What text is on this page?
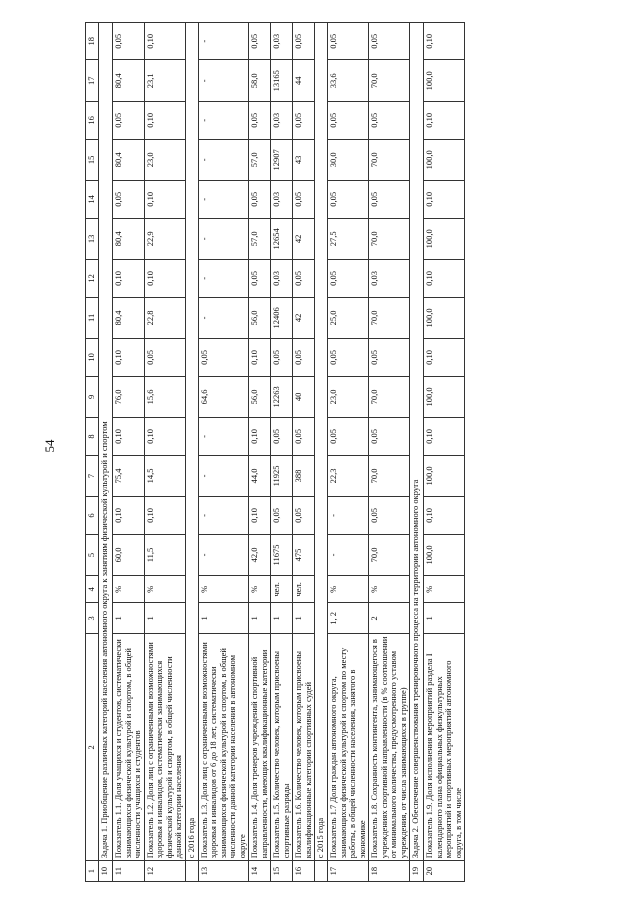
54
1	2	3	4	5	6	7	8	9	10	11	12	13	14	15	16	17	18
10	Задача 1. Приобщение различных категорий населения автономного округа к занятиям физической культурой и спортом																
11	Показатель 1.1. Доля учащихся и студентов, систематически занимающихся физической культурой и спортом, в общей численности учащихся и студентов	1	%	60,0	0,10	75,4	0,10	76,0	0,10	80,4	0,10	80,4	0,05	80,4	0,05	80,4	0,05
12	Показатель 1.2. Доля лиц с ограниченными возможностями здоровья и инвалидов, систематически занимающихся физической культурой и спортом, в общей численности данной категории населения	1	%	11,5	0,10	14,5	0,10	15,6	0,05	22,8	0,10	22,9	0,10	23,0	0,10	23,1	0,10
	с 2016 года																
13	Показатель 1.3. Доля лиц с ограниченными возможностями здоровья и инвалидов от 6 до 18 лет, систематически занимающихся физической культурой и спортом, в общей численности данной категории населения в автономном округе	1	%	-	-	-	-	64,6	0,05	-	-	-	-	-	-	-	-
14	Показатель 1.4. Доля тренеров учреждений спортивной направленности, имеющих квалификационные категории	1	%	42,0	0,10	44,0	0,10	56,0	0,10	56,0	0,05	57,0	0,05	57,0	0,05	58,0	0,05
15	Показатель 1.5. Количество человек, которым присвоены спортивные разряды	1	чел.	11675	0,05	11925	0,05	12263	0,05	12406	0,03	12654	0,03	12907	0,03	13165	0,03
16	Показатель 1.6. Количество человек, которым присвоены квалификационные категории спортивных судей	1	чел.	475	0,05	388	0,05	40	0,05	42	0,05	42	0,05	43	0,05	44	0,05
	с 2015 года																
17	Показатель 1.7 Доля граждан автономного округа, занимающихся физической культурой и спортом по месту работы, в общей численности населения, занятого в экономике	1, 2	%	-	-	22,3	0,05	23,0	0,05	25,0	0,05	27,5	0,05	30,0	0,05	33,6	0,05
18	Показатель 1.8. Сохранность контингента, занимающегося в учреждениях спортивной направленности (в % соотношении от минимального количества, предусмотренного уставом учреждения, от числа занимающихся в группе)	2	%	70,0	0,05	70,0	0,05	70,0	0,05	70,0	0,03	70,0	0,05	70,0	0,05	70,0	0,05
19	Задача 2. Обеспечение совершенствования тренировочного процесса на территории автономного округа																
20	Показатель 1.9. Доля исполнения мероприятий раздела I календарного плана официальных физкультурных мероприятий и спортивных мероприятий автономного округа, в том числе	1	%	100,0	0,10	100,0	0,10	100,0	0,10	100,0	0,10	100,0	0,10	100,0	0,10	100,0	0,10
